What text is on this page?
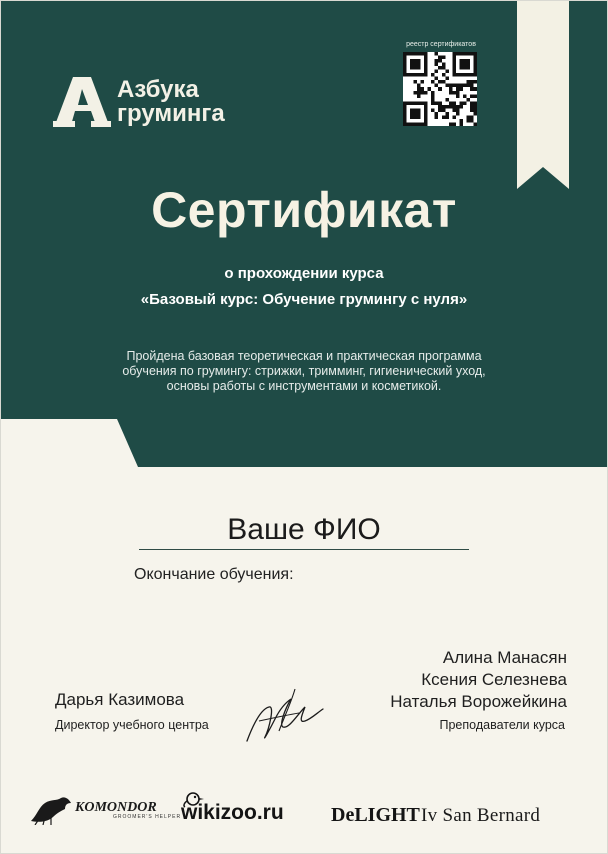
Азбука
груминга
реестр сертификатов
Сертификат
о прохождении курса
«Базовый курс: Обучение грумингу с нуля»
Пройдена базовая теоретическая и практическая программа
обучения по грумингу: стрижки, тримминг, гигиенический уход,
основы работы с инструментами и косметикой.
Ваше ФИО
Окончание обучения:
Дарья Казимова
Директор учебного центра
Алина Манасян
Ксения Селезнева
Наталья Ворожейкина
Преподаватели курса
KOMONDOR
GROOMER'S HELPER wikizoo.ru DeLIGHT Iv San Bernard
